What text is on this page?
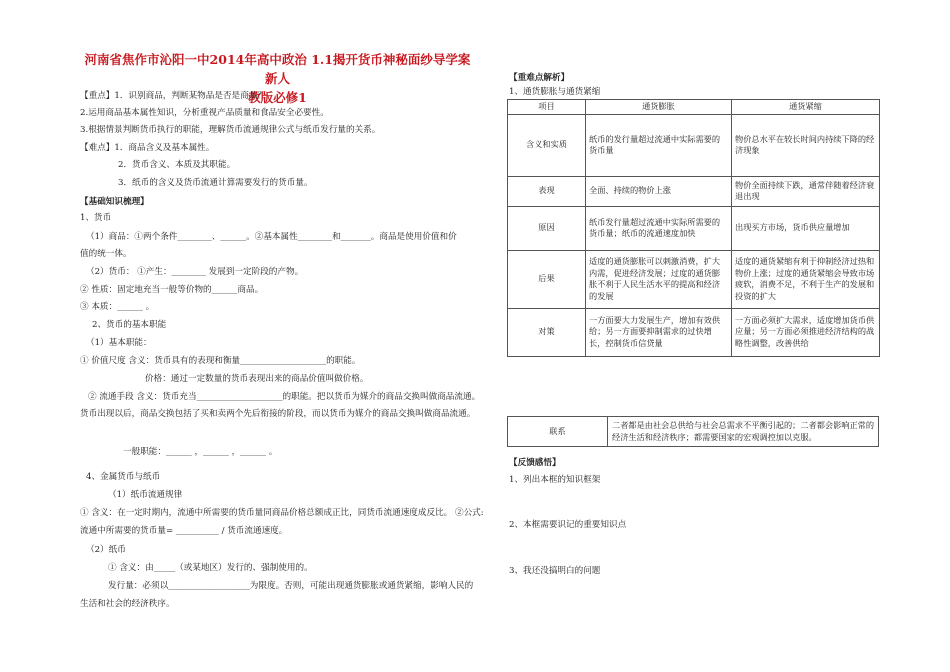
河南省焦作市沁阳一中2014年高中政治 1.1揭开货币神秘面纱导学案 新人
教版必修1
【重点】1．识别商品，判断某物品是否是商品？
2.运用商品基本属性知识，分析重视产品质量和食品安全必要性。
3.根据情景判断货币执行的职能，理解货币流通规律公式与纸币发行量的关系。
【难点】1．商品含义及基本属性。
2．货币含义、本质及其职能。
3．纸币的含义及货币流通计算需要发行的货币量。
【基础知识梳理】
1、货币
（1）商品：①两个条件________、______。②基本属性________和_______。商品是使用价值和价
值的统一体。
（2）货币： ①产生：________ 发展到一定阶段的产物。
② 性质：固定地充当一般等价物的______商品。
③ 本质：______ 。
2、货币的基本职能
（1）基本职能：
① 价值尺度 含义：货币具有的表现和衡量____________________的职能。
价格：通过一定数量的货币表现出来的商品价值叫做价格。
② 流通手段 含义：货币充当____________________的职能。把以货币为媒介的商品交换叫做商品流通。
货币出现以后，商品交换包括了买和卖两个先后衔接的阶段，而以货币为媒介的商品交换叫做商品流通。
一般职能：______ ，______ ，______ 。
4、金属货币与纸币
（1）纸币流通规律
① 含义：在一定时期内，流通中所需要的货币量同商品价格总额成正比，同货币流通速度成反比。 ②公式:
流通中所需要的货币量= __________ / 货币流通速度。
（2）纸币
① 含义：由_____（或某地区）发行的、强制使用的。
发行量：必须以___________________为限度。否则，可能出现通货膨胀或通货紧缩，影响人民的
生活和社会的经济秩序。
【重难点解析】
1、通货膨胀与通货紧缩
项目	通货膨胀	通货紧缩
含义和实质	纸币的发行量超过流通中实际需要的货币量	物价总水平在较长时间内持续下降的经济现象
表现	全面、持续的物价上涨	物价全面持续下跌，通常伴随着经济衰退出现
原因	纸币发行量超过流通中实际所需要的货币量；纸币的流通速度加快	出现买方市场，货币供应量增加
后果	适度的通货膨胀可以刺激消费，扩大内需，促进经济发展；过度的通货膨胀不利于人民生活水平的提高和经济的发展	适度的通货紧缩有利于抑制经济过热和物价上涨；过度的通货紧缩会导致市场疲软，消费不足，不利于生产的发展和投资的扩大
对策	一方面要大力发展生产，增加有效供给；另一方面要抑制需求的过快增长，控制货币信贷量	一方面必须扩大需求，适度增加货币供应量；另一方面必须推进经济结构的战略性调整，改善供给
联系	二者都是由社会总供给与社会总需求不平衡引起的；二者都会影响正常的经济生活和经济秩序；都需要国家的宏观调控加以克服。
【反馈感悟】
1、列出本框的知识框架
2、本框需要识记的重要知识点
3、我还没搞明白的问题
